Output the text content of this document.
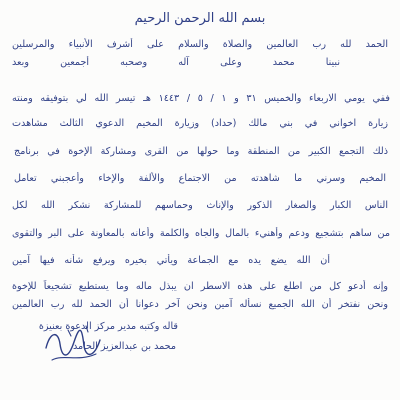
بسم الله الرحمن الرحيم

الحمد لله رب العالمين والصلاة والسلام على أشرف الأنبياء والمرسلين

نبينا محمد وعلى آله وصحبه أجمعين وبعد

ففي يومي الاربعاء والخميس ٣١ و ١ / ٥ / ١٤٤٣ هـ تيسر الله لي بتوفيقه ومنته

زيارة اخواني في بني مالك (حداد) وزيارة المخيم الدعوي الثالث مشاهدت

ذلك التجمع الكبير من المنطقة وما حولها من القرى ومشاركة الإخوة في برنامج

المخيم وسرني ما شاهدته من الاجتماع والألفة والإخاء وأعجبني تعامل

الناس الكبار والصغار الذكور والإناث وحماسهم للمشاركة نشكر الله لكل

من ساهم بتشجيع ودعم وأهنيء بالمال والجاه والكلمة وأعانه بالمعاونة على البر والتقوى

أن الله يضع يده مع الجماعة ويأتي بخيره ويرفع شأنه فيها آمين

وإنه أدعو كل من اطلع على هذه الاسطر ان يبذل ماله وما يستطيع تشجيعاً للإخوة

ونحن نفتخر أن الله الجميع نسأله آمين ونحن آخر دعوانا أن الحمد لله رب العالمين

قاله وكتبه مدير مركز الدعوة بعنيزة

محمد بن عبدالعزيز الحامد
